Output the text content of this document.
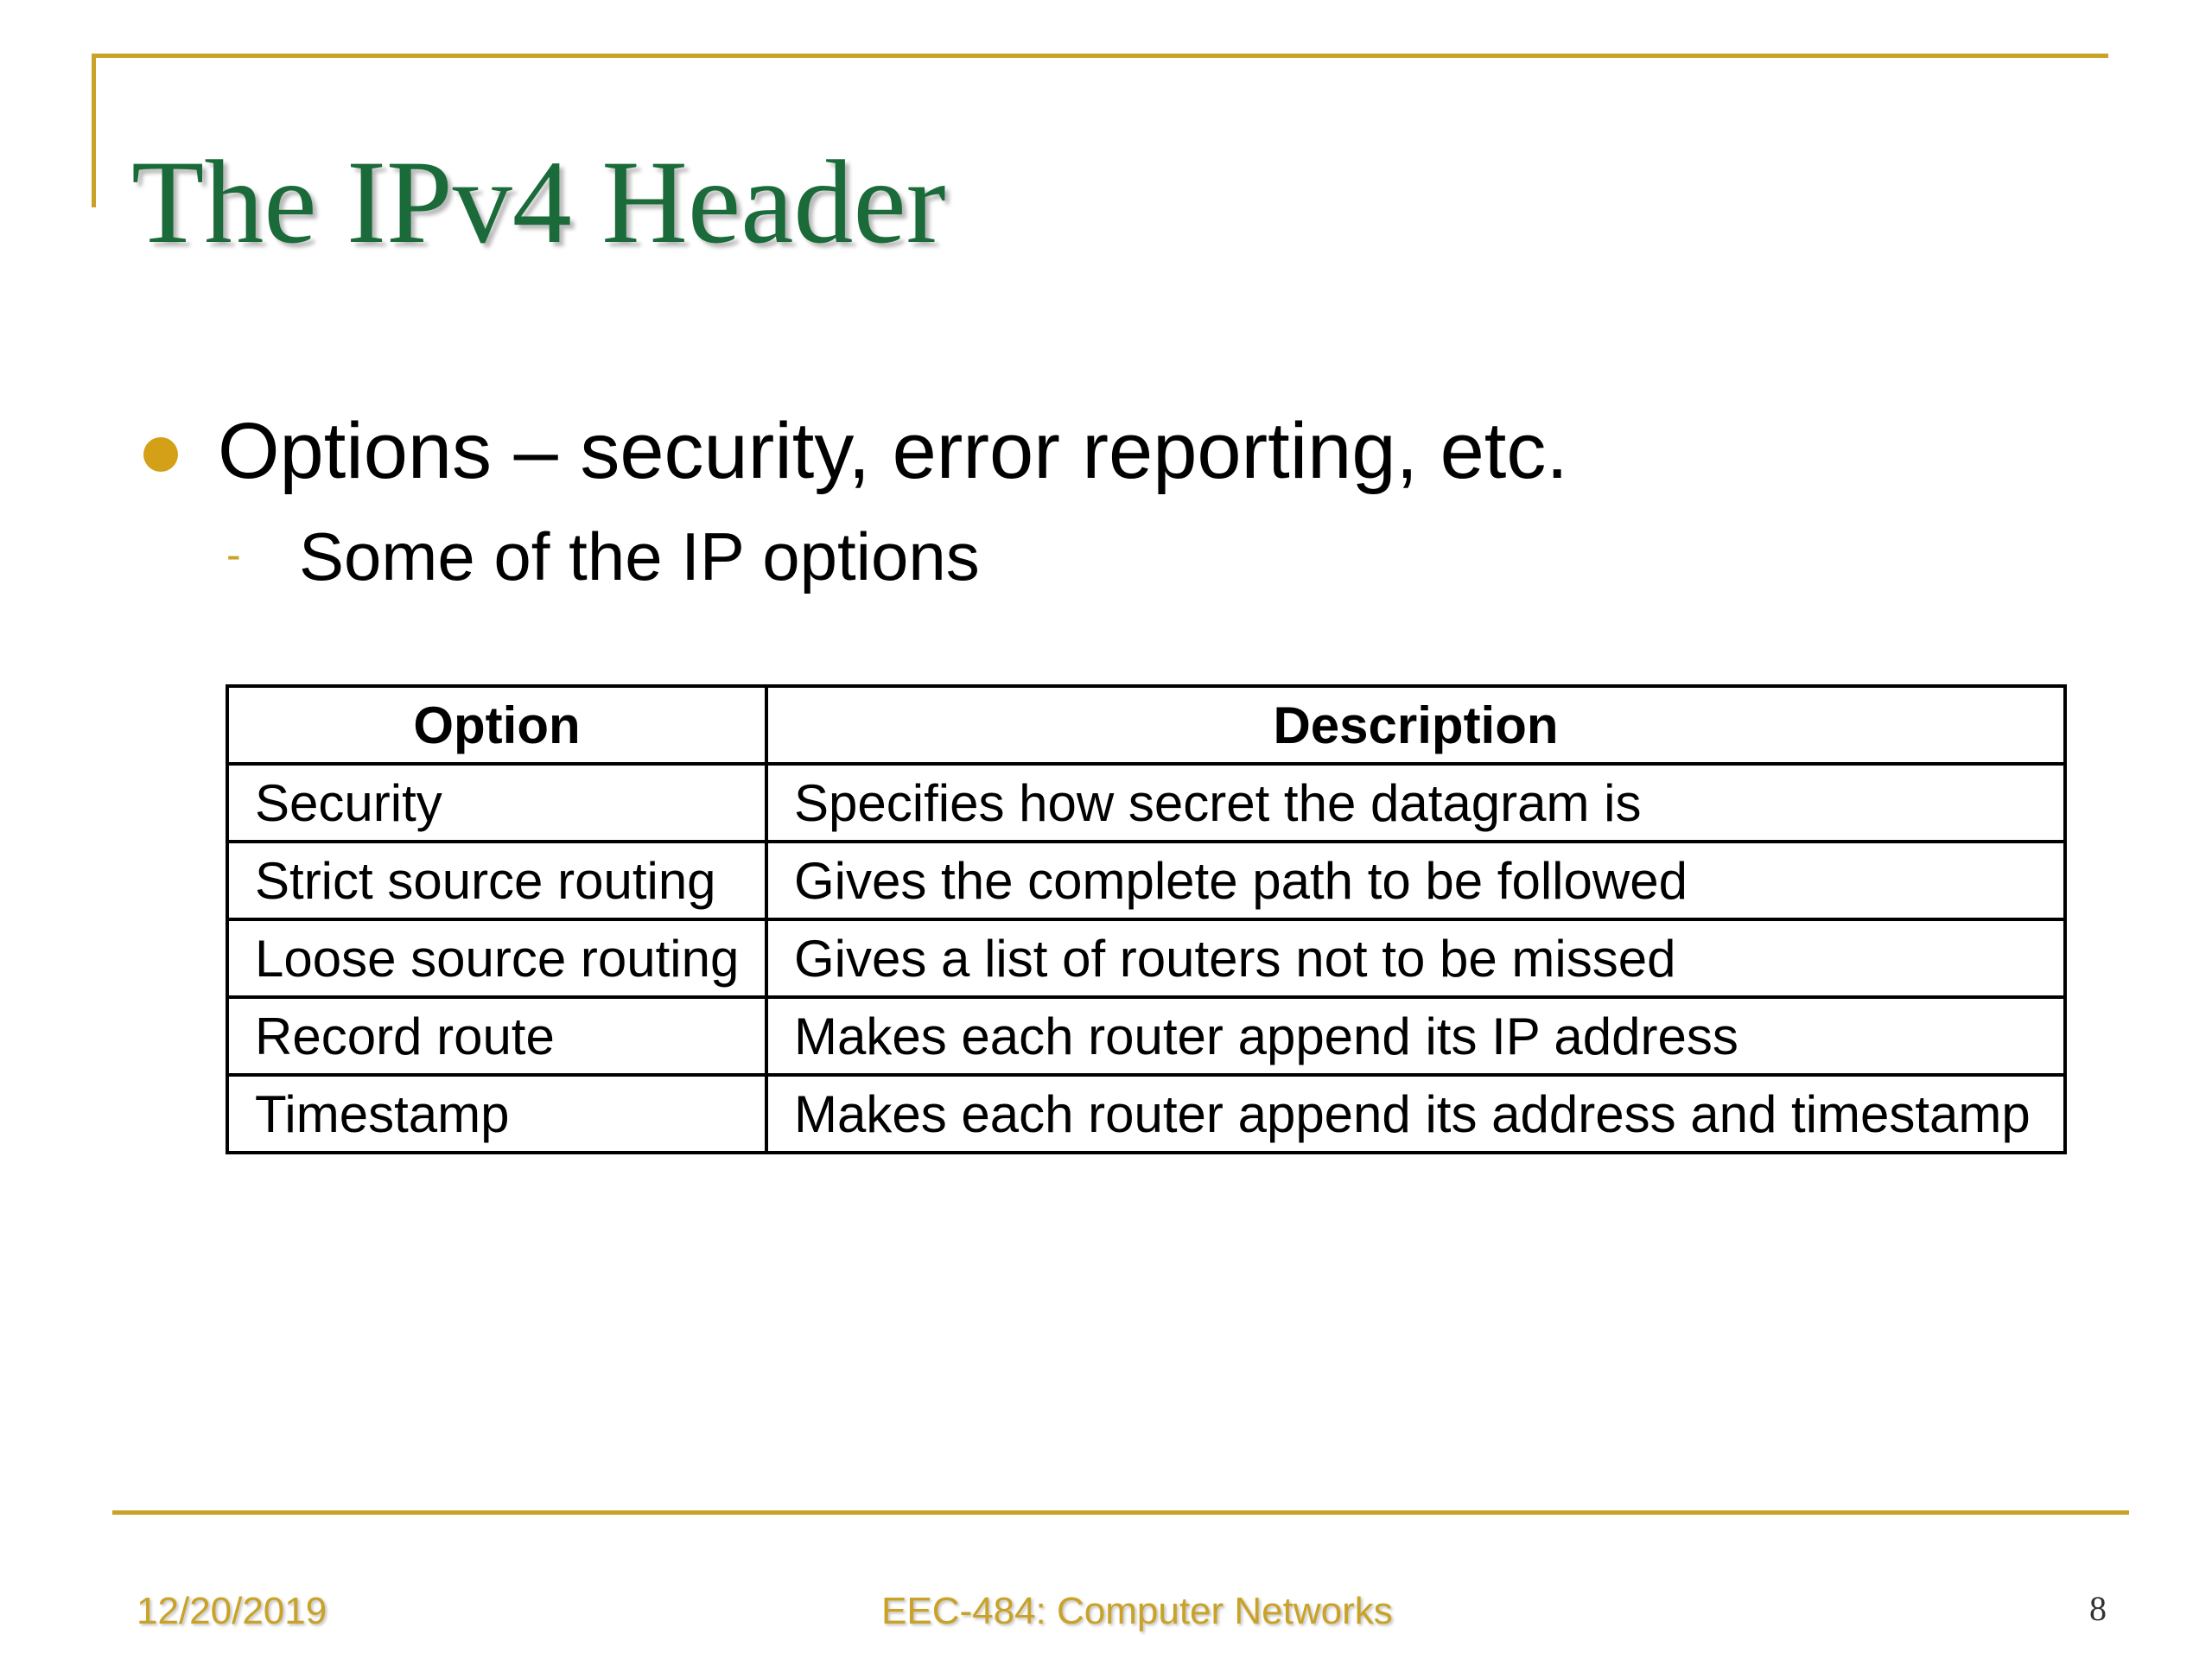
The IPv4 Header
Options – security, error reporting, etc.
- Some of the IP options
Option	Description
Security	Specifies how secret the datagram is
Strict source routing	Gives the complete path to be followed
Loose source routing	Gives a list of routers not to be missed
Record route	Makes each router append its IP address
Timestamp	Makes each router append its address and timestamp
12/20/2019	EEC-484: Computer Networks	8
